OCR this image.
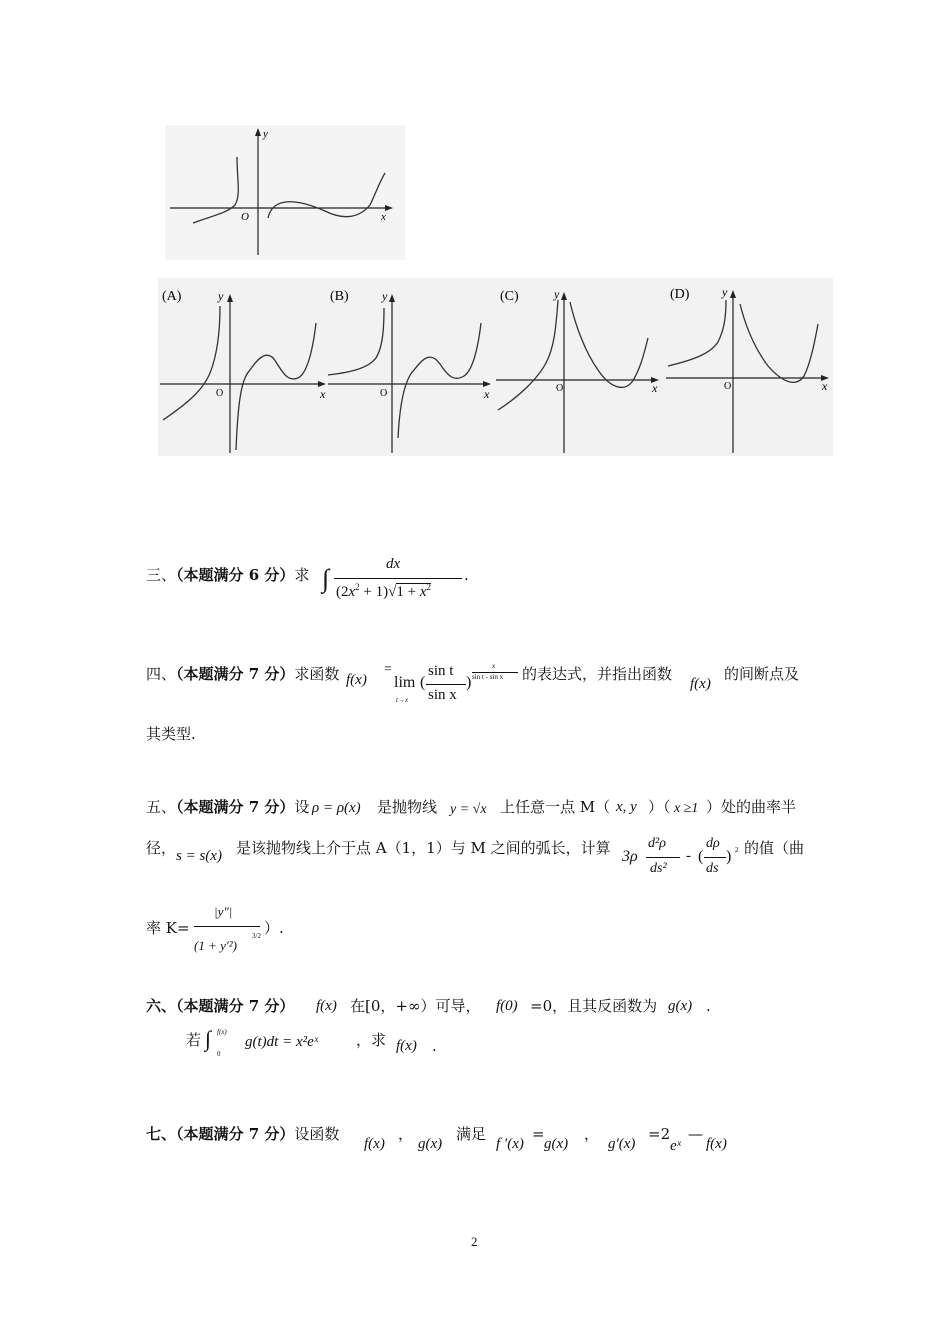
y
O	x
(A)	y
O	x
(B)	y
O	x
(C)	y
O	x
(D)	y
O	x
三、（本题满分 6 分）求 ∫	dx
$(2x^2 + 1)√1 + x^2$
.
四、（本题满分 7 分）求函数 f(x)
=
lim
t→x
(
sin t
sin x
)
x
sin t - sin x 的表达式，并指出函数
f(x)
的间断点及
其类型.
五、（本题满分 7 分）设 ρ = ρ(x) 是抛物线 y = √x 上任意一点 M（ x, y ）（ x ≥1 ）处的曲率半
径， s = s(x) 是该抛物线上介于点 A（1，1）与 M 之间的弧长，计算 3ρ
d²ρ
ds²
- (
dρ
ds
) 2 的值（曲
率 K=
|y″|
(1 + y′²)
3/2 ）.
六、（本题满分 7 分） f(x) 在[0，+∞）可导， f(0) =0，且其反函数为 g(x) .
若 ∫ f(x)
0
g(t)dt = x²eˣ	，求 f(x) .
七、（本题满分 7 分）设函数
f(x)
，
g(x)
满足
f ′(x)
=
g(x)
，
g′(x)
=2
eˣ
—
f(x)
2
